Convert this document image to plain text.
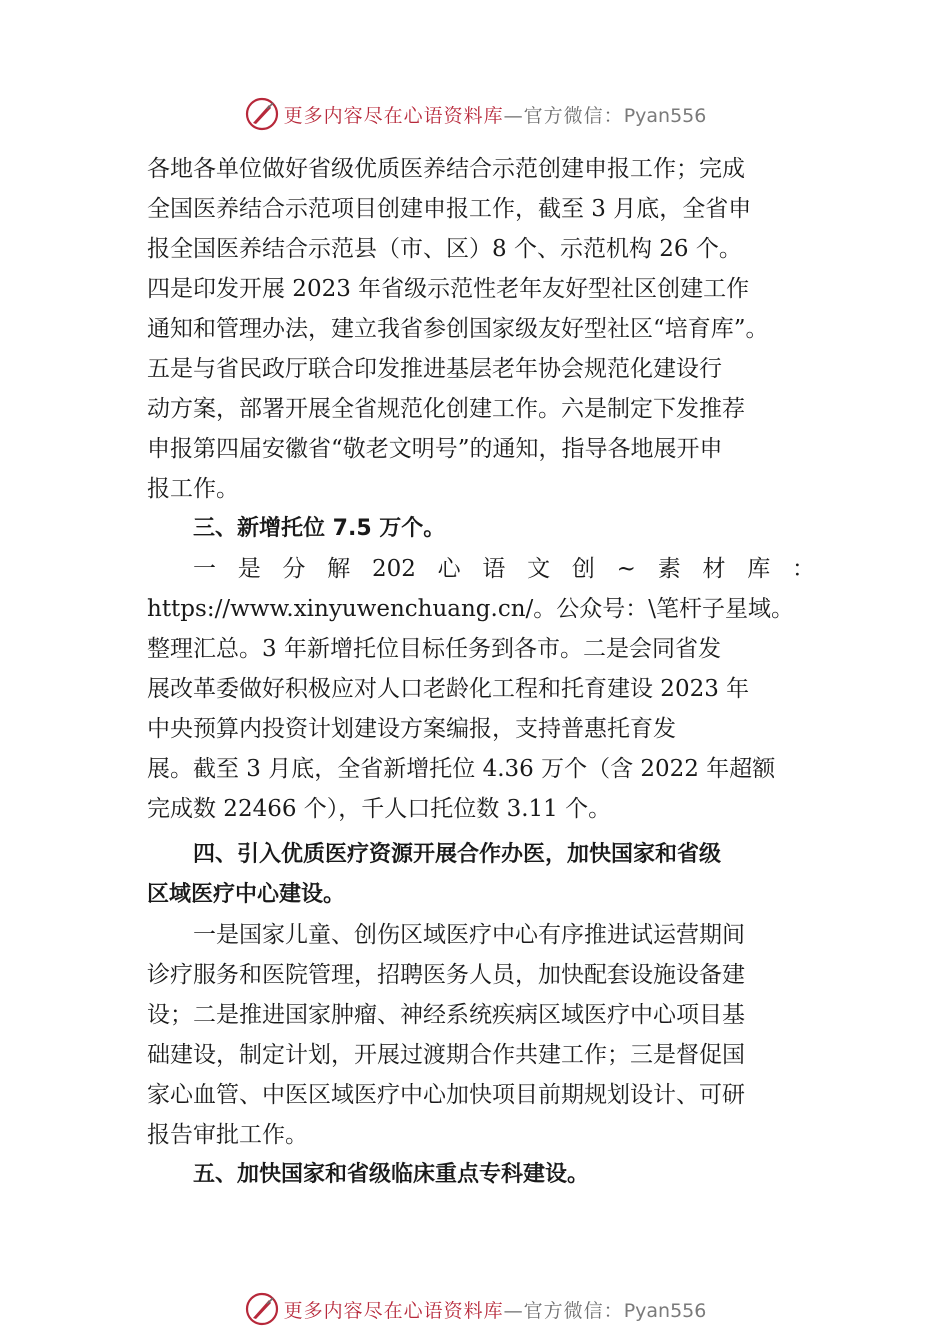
更多内容尽在心语资料库—官方微信：Pyan556
各地各单位做好省级优质医养结合示范创建申报工作；完成
全国医养结合示范项目创建申报工作，截至 3 月底，全省申
报全国医养结合示范县（市、区）8 个、示范机构 26 个。
四是印发开展 2023 年省级示范性老年友好型社区创建工作
通知和管理办法，建立我省参创国家级友好型社区“培育库”。
五是与省民政厅联合印发推进基层老年协会规范化建设行
动方案，部署开展全省规范化创建工作。六是制定下发推荐
申报第四届安徽省“敬老文明号”的通知，指导各地展开申
报工作。
三、新增托位 7.5 万个。
一 是 分 解 202 心 语 文 创 ~ 素 材 库 ：
https://www.xinyuwenchuang.cn/。公众号：\笔杆子星域。
整理汇总。3 年新增托位目标任务到各市。二是会同省发
展改革委做好积极应对人口老龄化工程和托育建设 2023 年
中央预算内投资计划建设方案编报，支持普惠托育发
展。截至 3 月底，全省新增托位 4.36 万个（含 2022 年超额
完成数 22466 个），千人口托位数 3.11 个。
四、引入优质医疗资源开展合作办医，加快国家和省级
区域医疗中心建设。
一是国家儿童、创伤区域医疗中心有序推进试运营期间
诊疗服务和医院管理，招聘医务人员，加快配套设施设备建
设；二是推进国家肿瘤、神经系统疾病区域医疗中心项目基
础建设，制定计划，开展过渡期合作共建工作；三是督促国
家心血管、中医区域医疗中心加快项目前期规划设计、可研
报告审批工作。
五、加快国家和省级临床重点专科建设。
更多内容尽在心语资料库—官方微信：Pyan556
